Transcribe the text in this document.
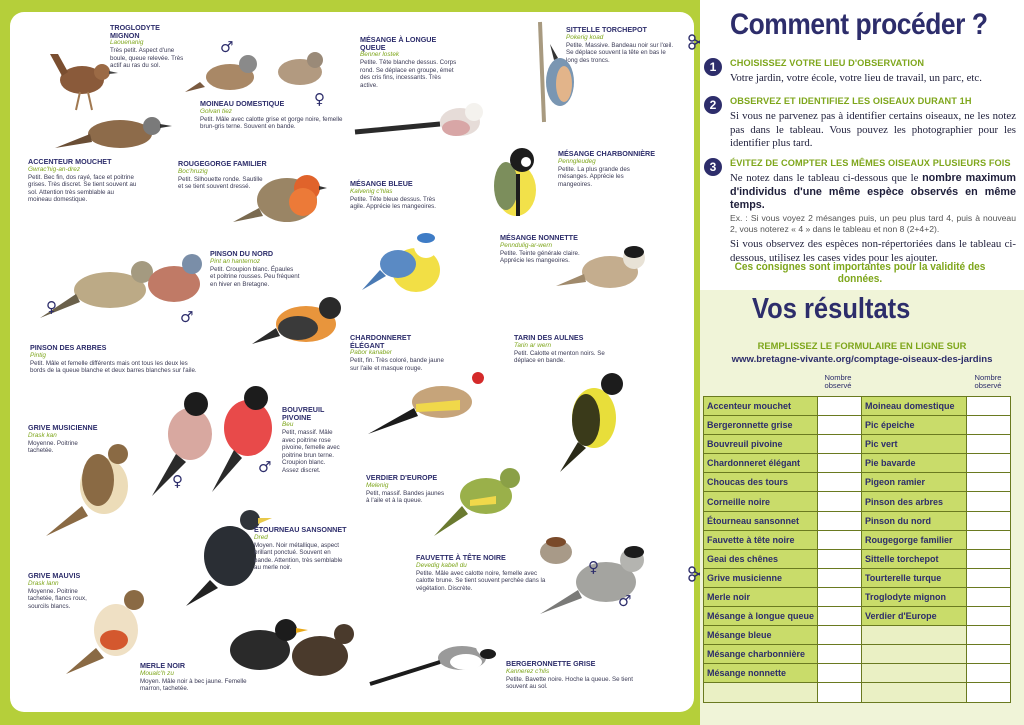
TROGLODYTE MIGNON
Laouenanig
Très petit. Aspect d'une boule, queue relevée. Très actif au ras du sol.
♂
♀
MOINEAU DOMESTIQUE
Golvan tiez
Petit. Mâle avec calotte grise et gorge noire, femelle brun-gris terne. Souvent en bande.
ACCENTEUR MOUCHET
Gwrac'hig-an-drez
Petit. Bec fin, dos rayé, face et poitrine grises. Très discret. Se tient souvent au sol. Attention très semblable au moineau domestique.
ROUGEGORGE FAMILIER
Boc'hruzig
Petit. Silhouette ronde. Sautille et se tient souvent dressé.
MÉSANGE À LONGUE QUEUE
Benner lostek
Petite. Tête blanche dessus. Corps rond. Se déplace en groupe, émet des cris fins, incessants. Très active.
SITTELLE TORCHEPOT
Pokerig koad
Petite. Massive. Bandeau noir sur l'œil. Se déplace souvent la tête en bas le long des troncs.
MÉSANGE CHARBONNIÈRE
Penngleudeg
Petite. La plus grande des mésanges. Apprécie les mangeoires.
MÉSANGE BLEUE
Kalvenig c'hlas
Petite. Tête bleue dessus. Très agile. Apprécie les mangeoires.
MÉSANGE NONNETTE
Penndulig-ar-wern
Petite. Teinte générale claire. Apprécie les mangeoires.
PINSON DU NORD
Pint an hanternoz
Petit. Croupion blanc. Épaules et poitrine rousses. Peu fréquent en hiver en Bretagne.
♀
♂
PINSON DES ARBRES
Pintig
Petit. Mâle et femelle différents mais ont tous les deux les bords de la queue blanche et deux barres blanches sur l'aile.
CHARDONNERET ÉLÉGANT
Pabor kanaber
Petit, fin. Très coloré, bande jaune sur l'aile et masque rouge.
TARIN DES AULNES
Tarin ar wern
Petit. Calotte et menton noirs. Se déplace en bande.
GRIVE MUSICIENNE
Drask kan
Moyenne. Poitrine tachetée.
♀
♂
BOUVREUIL PIVOINE
Beu
Petit, massif. Mâle avec poitrine rose pivoine, femelle avec poitrine brun terne. Croupion blanc. Assez discret.
VERDIER D'EUROPE
Melenig
Petit, massif. Bandes jaunes à l'aile et à la queue.
ÉTOURNEAU SANSONNET
Dred
Moyen. Noir métallique, aspect brillant ponctué. Souvent en bande. Attention, très semblable au merle noir.
FAUVETTE À TÊTE NOIRE
Devedig kabell du
Petite. Mâle avec calotte noire, femelle avec calotte brune. Se tient souvent perchée dans la végétation. Discrète.
♀
♂
GRIVE MAUVIS
Drask lann
Moyenne. Poitrine tachetée, flancs roux, sourcils blancs.
MERLE NOIR
Moualc'h zu
Moyen. Mâle noir à bec jaune. Femelle marron, tachetée.
BERGERONNETTE GRISE
Kannerez c'hlis
Petite. Bavette noire. Hoche la queue. Se tient souvent au sol.
Comment procéder ?
1	CHOISISSEZ VOTRE LIEU D'OBSERVATION
Votre jardin, votre école, votre lieu de travail, un parc, etc.
2	OBSERVEZ ET IDENTIFIEZ LES OISEAUX DURANT 1H
Si vous ne parvenez pas à identifier certains oiseaux, ne les notez pas dans le tableau. Vous pouvez les photographier pour les identifier plus tard.
3	ÉVITEZ DE COMPTER LES MÊMES OISEAUX PLUSIEURS FOIS
Ne notez dans le tableau ci-dessous que le nombre maximum d'individus d'une même espèce observés en même temps.
Ex. : Si vous voyez 2 mésanges puis, un peu plus tard 4, puis à nouveau 2, vous noterez « 4 » dans le tableau et non 8 (2+4+2).
Si vous observez des espèces non-répertoriées dans le tableau ci-dessous, utilisez les cases vides pour les ajouter.
Ces consignes sont importantes pour la validité des données.
Vos résultats
REMPLISSEZ LE FORMULAIRE EN LIGNE SUR
www.bretagne-vivante.org/comptage-oiseaux-des-jardins
Nombre observé
Nombre observé
Accenteur mouchet		Moineau domestique	
Bergeronnette grise		Pic épeiche	
Bouvreuil pivoine		Pic vert	
Chardonneret élégant		Pie bavarde	
Choucas des tours		Pigeon ramier	
Corneille noire		Pinson des arbres	
Étourneau sansonnet		Pinson du nord	
Fauvette à tête noire		Rougegorge familier	
Geai des chênes		Sittelle torchepot	
Grive musicienne		Tourterelle turque	
Merle noir		Troglodyte mignon	
Mésange à longue queue		Verdier d'Europe	
Mésange bleue			
Mésange charbonnière			
Mésange nonnette			
